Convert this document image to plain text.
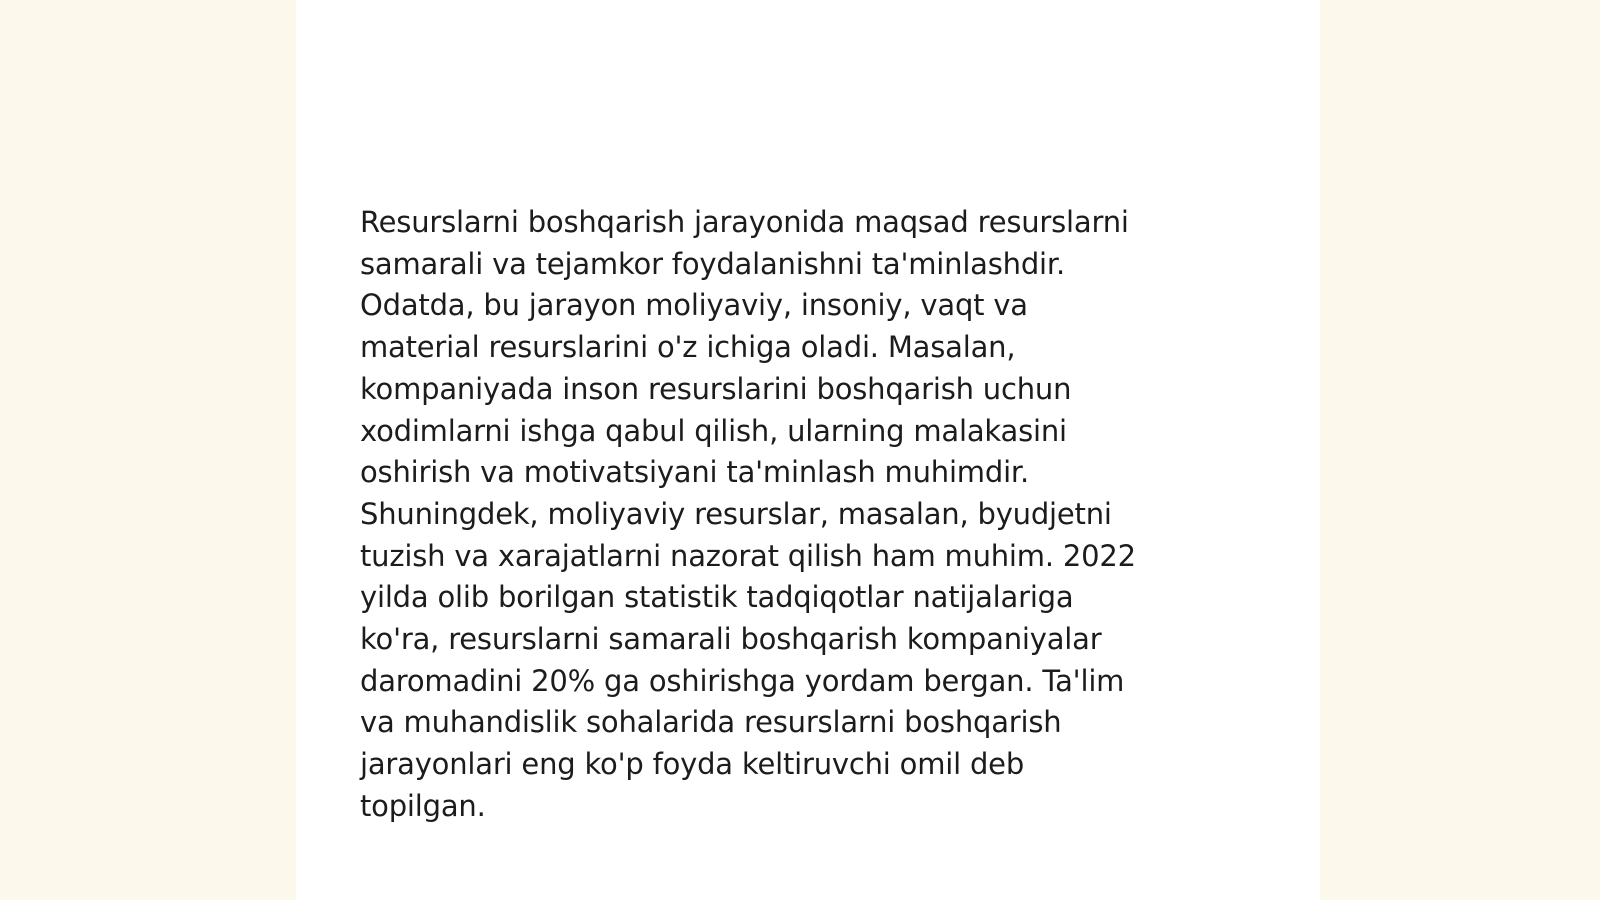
Resurslarni boshqarish jarayonida maqsad resurslarni
samarali va tejamkor foydalanishni ta'minlashdir.
Odatda, bu jarayon moliyaviy, insoniy, vaqt va
material resurslarini o'z ichiga oladi. Masalan,
kompaniyada inson resurslarini boshqarish uchun
xodimlarni ishga qabul qilish, ularning malakasini
oshirish va motivatsiyani ta'minlash muhimdir.
Shuningdek, moliyaviy resurslar, masalan, byudjetni
tuzish va xarajatlarni nazorat qilish ham muhim. 2022
yilda olib borilgan statistik tadqiqotlar natijalariga
ko'ra, resurslarni samarali boshqarish kompaniyalar
daromadini 20% ga oshirishga yordam bergan. Ta'lim
va muhandislik sohalarida resurslarni boshqarish
jarayonlari eng ko'p foyda keltiruvchi omil deb
topilgan.
